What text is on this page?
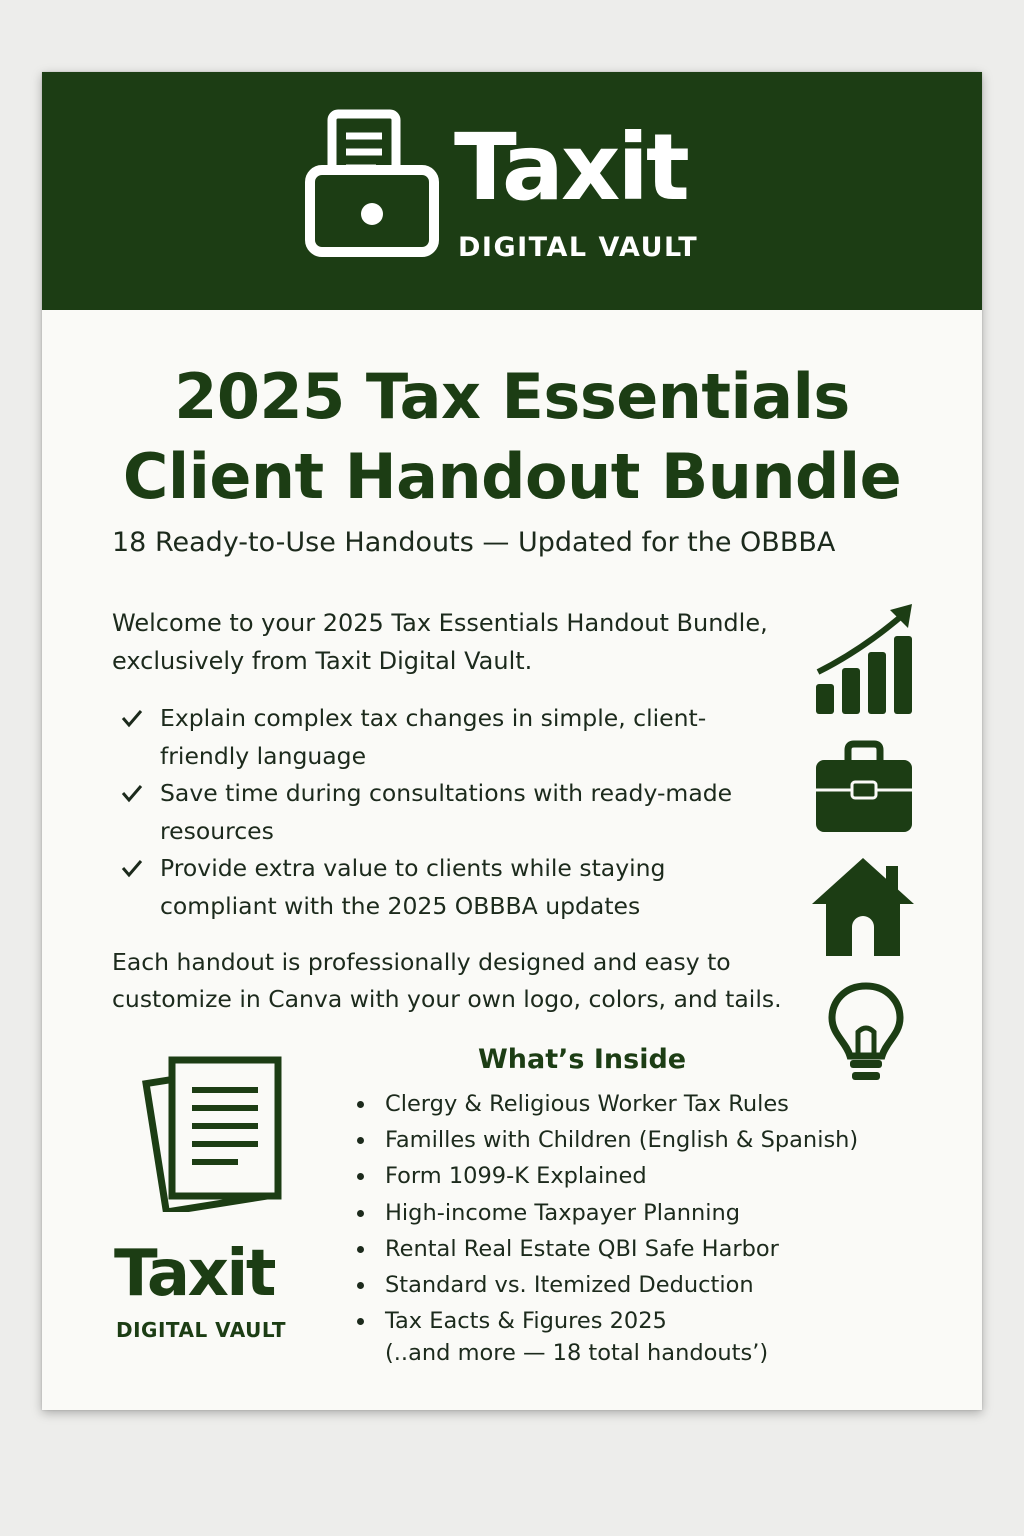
Taxit
DIGITAL VAULT
2025 Tax Essentials
Client Handout Bundle
18 Ready-to-Use Handouts — Updated for the OBBBA
Welcome to your 2025 Tax Essentials Handout Bundle, exclusively from Taxit Digital Vault.
Explain complex tax changes in simple, client-friendly language
Save time during consultations with ready-made resources
Provide extra value to clients while staying compliant with the 2025 OBBBA updates
Each handout is professionally designed and easy to customize in Canva with your own logo, colors, and tails.
Taxit
DIGITAL VAULT
What’s Inside
Clergy & Religious Worker Tax Rules
Familles with Children (English & Spanish)
Form 1099-K Explained
High-income Taxpayer Planning
Rental Real Estate QBI Safe Harbor
Standard vs. Itemized Deduction
Tax Eacts & Figures 2025
(..and more — 18 total handouts’)
